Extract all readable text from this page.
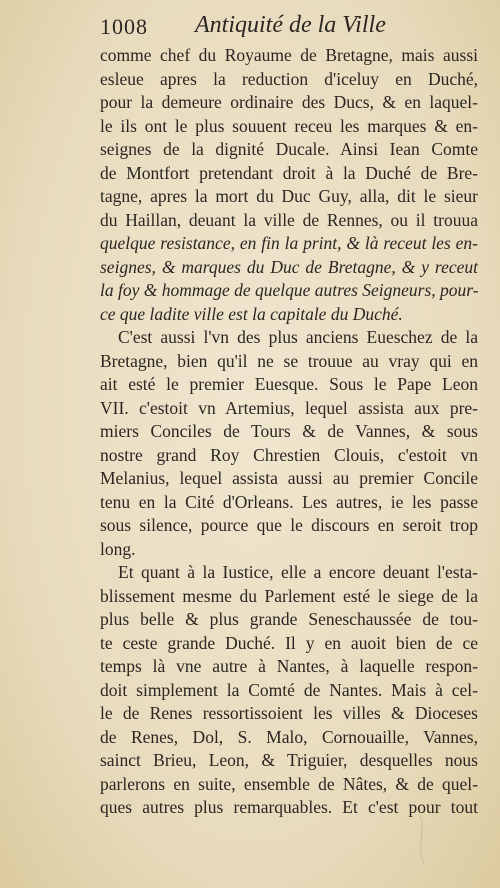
1008 Antiquité de la Ville
comme chef du Royaume de Bretagne, mais aussi
esleue apres la reduction d'iceluy en Duché,
pour la demeure ordinaire des Ducs, & en laquel-
le ils ont le plus souuent receu les marques & en-
seignes de la dignité Ducale. Ainsi Iean Comte
de Montfort pretendant droit à la Duché de Bre-
tagne, apres la mort du Duc Guy, alla, dit le sieur
du Haillan, deuant la ville de Rennes, ou il trouua
quelque resistance, en fin la print, & là receut les en-
seignes, & marques du Duc de Bretagne, & y receut
la foy & hommage de quelque autres Seigneurs, pour-
ce que ladite ville est la capitale du Duché.
C'est aussi l'vn des plus anciens Eueschez de la
Bretagne, bien qu'il ne se trouue au vray qui en
ait esté le premier Euesque. Sous le Pape Leon
VII. c'estoit vn Artemius, lequel assista aux pre-
miers Conciles de Tours & de Vannes, & sous
nostre grand Roy Chrestien Clouis, c'estoit vn
Melanius, lequel assista aussi au premier Concile
tenu en la Cité d'Orleans. Les autres, ie les passe
sous silence, pource que le discours en seroit trop
long.
Et quant à la Iustice, elle a encore deuant l'esta-
blissement mesme du Parlement esté le siege de la
plus belle & plus grande Seneschaussée de tou-
te ceste grande Duché. Il y en auoit bien de ce
temps là vne autre à Nantes, à laquelle respon-
doit simplement la Comté de Nantes. Mais à cel-
le de Renes ressortissoient les villes & Dioceses
de Renes, Dol, S. Malo, Cornouaille, Vannes,
sainct Brieu, Leon, & Triguier, desquelles nous
parlerons en suite, ensemble de Nâtes, & de quel-
ques autres plus remarquables. Et c'est pour tout
